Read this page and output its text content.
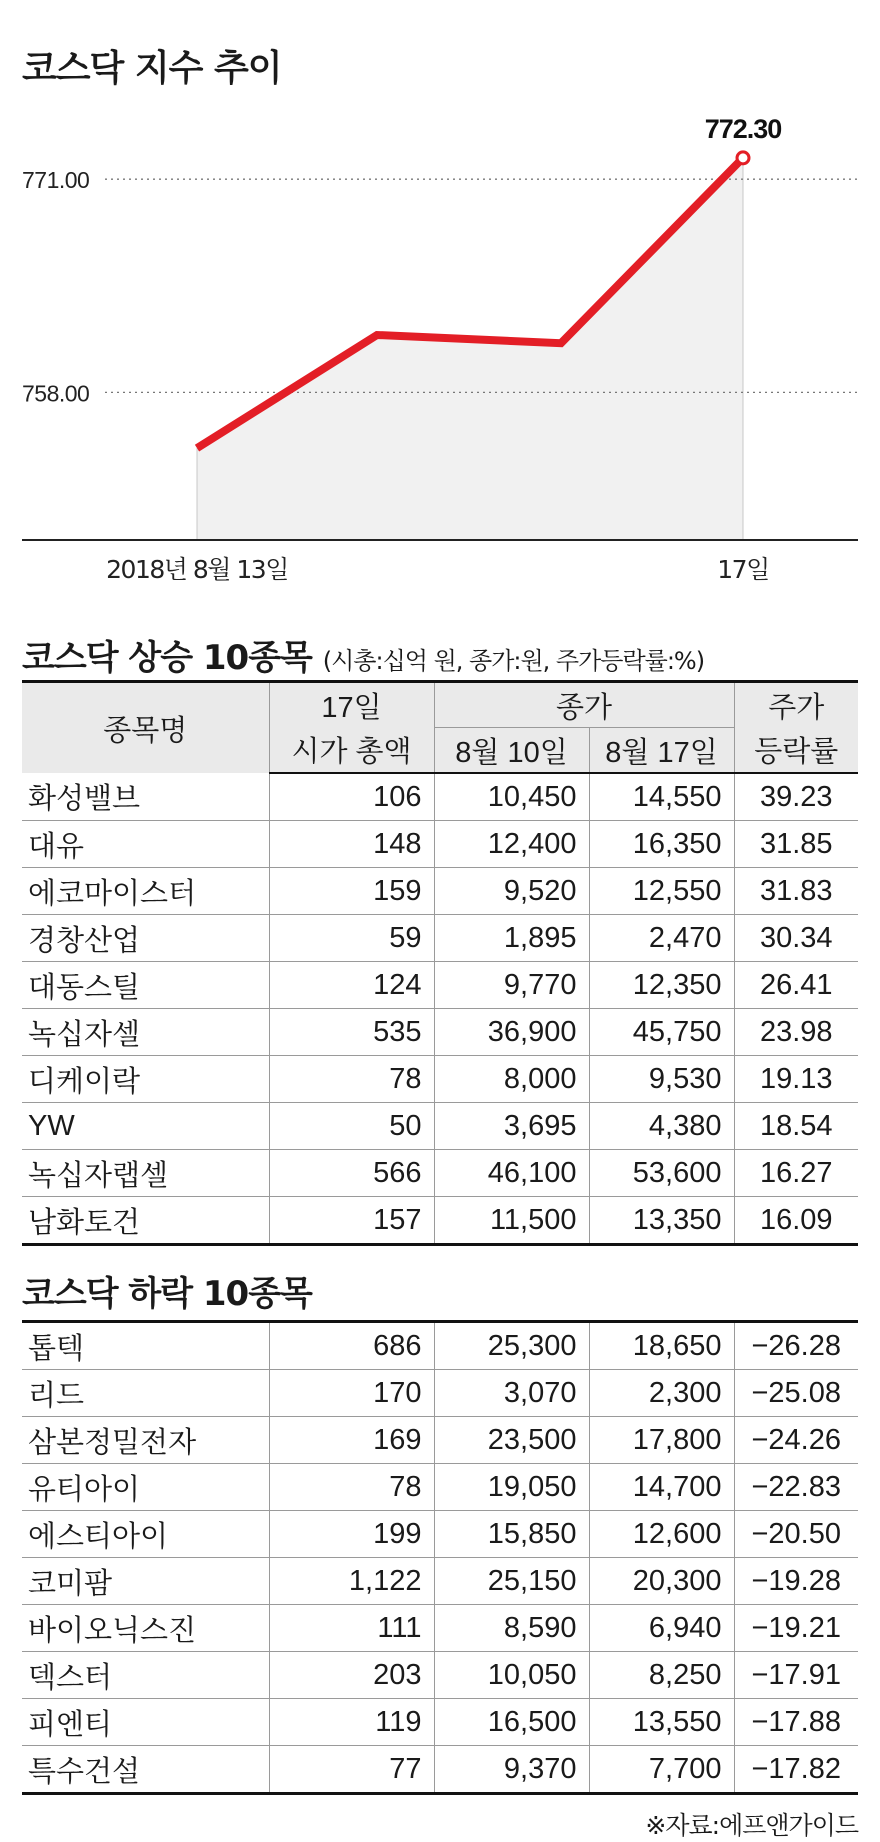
코스닥 지수 추이
758.00
771.00
2018년 8월 13일	17일
772.30
코스닥 상승 10종목 (시총:십억 원, 종가:원, 주가등락률:%)
종목명	17일	종가		주가
	시가 총액	8월 10일	8월 17일	등락률
화성밸브	106	10,450	14,550	39.23
대유	148	12,400	16,350	31.85
에코마이스터	159	9,520	12,550	31.83
경창산업	59	1,895	2,470	30.34
대동스틸	124	9,770	12,350	26.41
녹십자셀	535	36,900	45,750	23.98
디케이락	78	8,000	9,530	19.13
YW	50	3,695	4,380	18.54
녹십자랩셀	566	46,100	53,600	16.27
남화토건	157	11,500	13,350	16.09
코스닥 하락 10종목
톱텍	686	25,300	18,650	−26.28
리드	170	3,070	2,300	−25.08
삼본정밀전자	169	23,500	17,800	−24.26
유티아이	78	19,050	14,700	−22.83
에스티아이	199	15,850	12,600	−20.50
코미팜	1,122	25,150	20,300	−19.28
바이오닉스진	111	8,590	6,940	−19.21
덱스터	203	10,050	8,250	−17.91
피엔티	119	16,500	13,550	−17.88
특수건설	77	9,370	7,700	−17.82

※자료:에프앤가이드
